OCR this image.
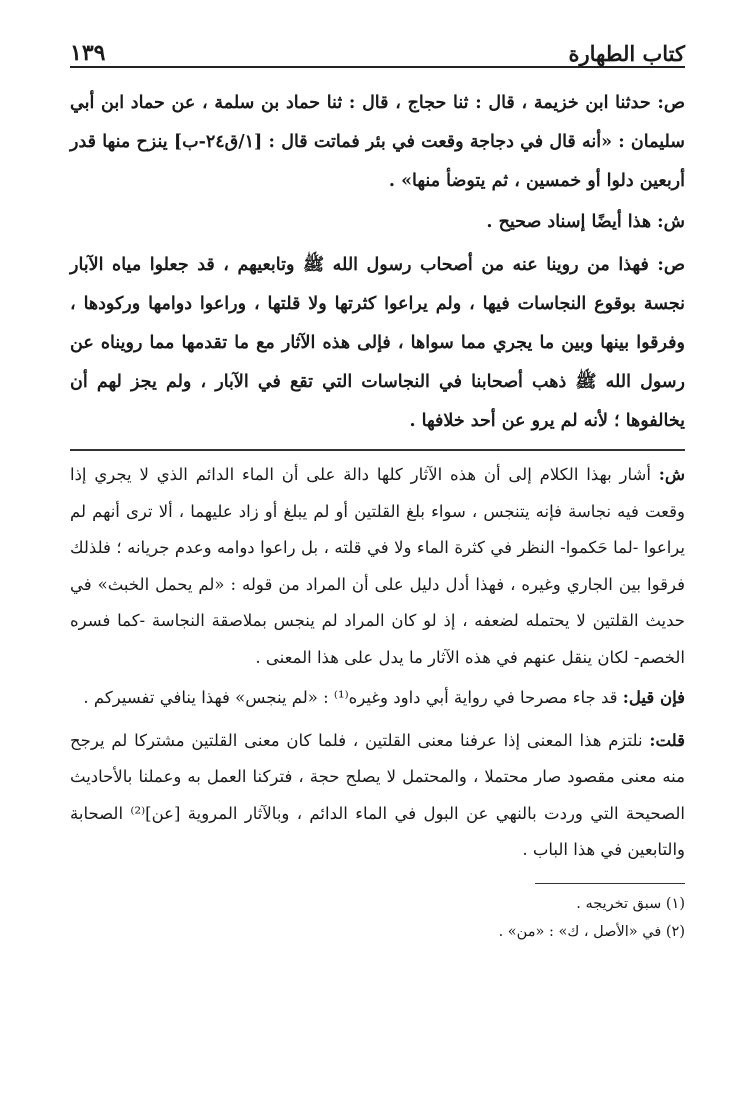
كتاب الطهارة
١٣٩

ص: حدثنا ابن خزيمة ، قال : ثنا حجاج ، قال : ثنا حماد بن سلمة ، عن حماد ابن أبي سليمان : «أنه قال في دجاجة وقعت في بئر فماتت قال : [١/ق٢٤-ب] ينزح منها قدر أربعين دلوا أو خمسين ، ثم يتوضأ منها» .

ش: هذا أيضًا إسناد صحيح .

ص: فهذا من روينا عنه من أصحاب رسول الله ﷺ وتابعيهم ، قد جعلوا مياه الآبار نجسة بوقوع النجاسات فيها ، ولم يراعوا كثرتها ولا قلتها ، وراعوا دوامها وركودها ، وفرقوا بينها وبين ما يجري مما سواها ، فإلى هذه الآثار مع ما تقدمها مما رويناه عن رسول الله ﷺ ذهب أصحابنا في النجاسات التي تقع في الآبار ، ولم يجز لهم أن يخالفوها ؛ لأنه لم يرو عن أحد خلافها .

ش: أشار بهذا الكلام إلى أن هذه الآثار كلها دالة على أن الماء الدائم الذي لا يجري إذا وقعت فيه نجاسة فإنه يتنجس ، سواء بلغ القلتين أو لم يبلغ أو زاد عليهما ، ألا ترى أنهم لم يراعوا -لما حَكموا- النظر في كثرة الماء ولا في قلته ، بل راعوا دوامه وعدم جريانه ؛ فلذلك فرقوا بين الجاري وغيره ، فهذا أدل دليل على أن المراد من قوله : «لم يحمل الخبث» في حديث القلتين لا يحتمله لضعفه ، إذ لو كان المراد لم ينجس بملاصقة النجاسة -كما فسره الخصم- لكان ينقل عنهم في هذه الآثار ما يدل على هذا المعنى .

فإن قيل: قد جاء مصرحا في رواية أبي داود وغيره⁽¹⁾ : «لم ينجس» فهذا ينافي تفسيركم .

قلت: نلتزم هذا المعنى إذا عرفنا معنى القلتين ، فلما كان معنى القلتين مشتركا لم يرجح منه معنى مقصود صار محتملا ، والمحتمل لا يصلح حجة ، فتركنا العمل به وعملنا بالأحاديث الصحيحة التي وردت بالنهي عن البول في الماء الدائم ، وبالآثار المروية [عن]⁽²⁾ الصحابة والتابعين في هذا الباب .

(١) سبق تخريجه .

(٢) في «الأصل ، ك» : «من» .
